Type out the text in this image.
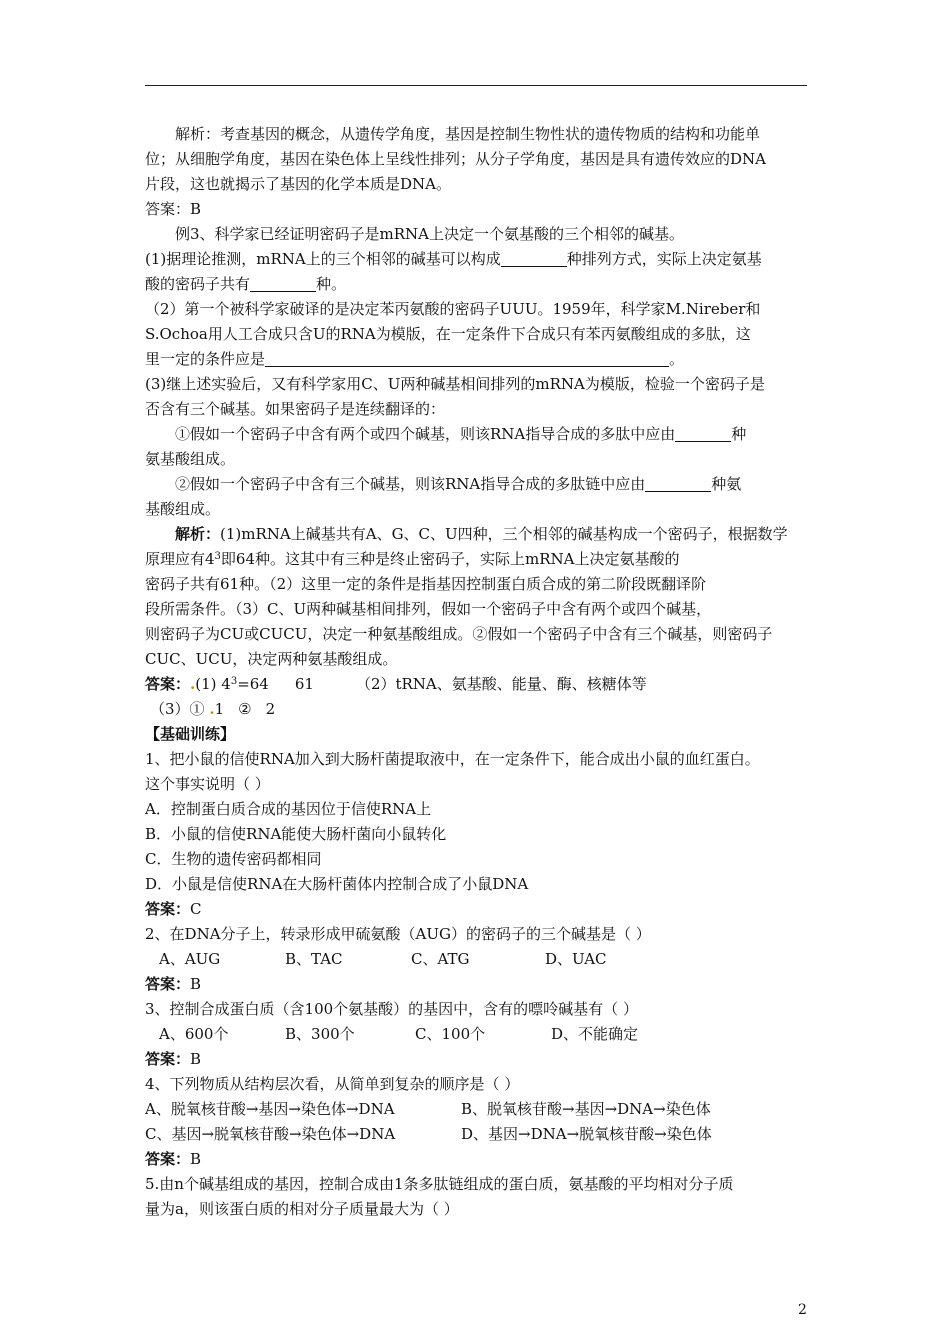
解析：考查基因的概念，从遗传学角度，基因是控制生物性状的遗传物质的结构和功能单

位；从细胞学角度，基因在染色体上呈线性排列；从分子学角度，基因是具有遗传效应的DNA

片段，这也就揭示了基因的化学本质是DNA。

答案：B

例3、科学家已经证明密码子是mRNA上决定一个氨基酸的三个相邻的碱基。

(1)据理论推测，mRNA上的三个相邻的碱基可以构成	种排列方式，实际上决定氨基

酸的密码子共有	种。

（2）第一个被科学家破译的是决定苯丙氨酸的密码子UUU。1959年，科学家M.Nireber和

S.Ochoa用人工合成只含U的RNA为模版，在一定条件下合成只有苯丙氨酸组成的多肽，这

里一定的条件应是	。

(3)继上述实验后，又有科学家用C、U两种碱基相间排列的mRNA为模版，检验一个密码子是

否含有三个碱基。如果密码子是连续翻译的：

①假如一个密码子中含有两个或四个碱基，则该RNA指导合成的多肽中应由	种

氨基酸组成。

②假如一个密码子中含有三个碱基，则该RNA指导合成的多肽链中应由	种氨

基酸组成。

解析：(1)mRNA上碱基共有A、G、C、U四种，三个相邻的碱基构成一个密码子，根据数学

原理应有$4^3$即64种。这其中有三种是终止密码子，实际上mRNA上决定氨基酸的

密码子共有61种。（2）这里一定的条件是指基因控制蛋白质合成的第二阶段既翻译阶

段所需条件。（3）C、U两种碱基相间排列，假如一个密码子中含有两个或四个碱基，

则密码子为CU或CUCU，决定一种氨基酸组成。②假如一个密码子中含有三个碱基，则密码子

CUC、UCU，决定两种氨基酸组成。

答案：.(1) $4^3=64$ 61	（2）tRNA、氨基酸、能量、酶、核糖体等

（3）① .1 ② 2

【基础训练】

1、把小鼠的信使RNA加入到大肠杆菌提取液中，在一定条件下，能合成出小鼠的血红蛋白。

这个事实说明（ ）

A．控制蛋白质合成的基因位于信使RNA上

B．小鼠的信使RNA能使大肠杆菌向小鼠转化

C．生物的遗传密码都相同

D．小鼠是信使RNA在大肠杆菌体内控制合成了小鼠DNA

答案：C

2、在DNA分子上，转录形成甲硫氨酸（AUG）的密码子的三个碱基是（ ）

A、AUG	B、TAC	C、ATG	D、UAC

答案：B

3、控制合成蛋白质（含100个氨基酸）的基因中，含有的嘌呤碱基有（ ）

A、600个	B、300个	C、100个	D、不能确定

答案：B

4、下列物质从结构层次看，从简单到复杂的顺序是（ ）

A、脱氧核苷酸→基因→染色体→DNA	B、脱氧核苷酸→基因→DNA→染色体

C、基因→脱氧核苷酸→染色体→DNA	D、基因→DNA→脱氧核苷酸→染色体

答案：B

5.由n个碱基组成的基因，控制合成由1条多肽链组成的蛋白质，氨基酸的平均相对分子质

量为a，则该蛋白质的相对分子质量最大为（ ）

2
